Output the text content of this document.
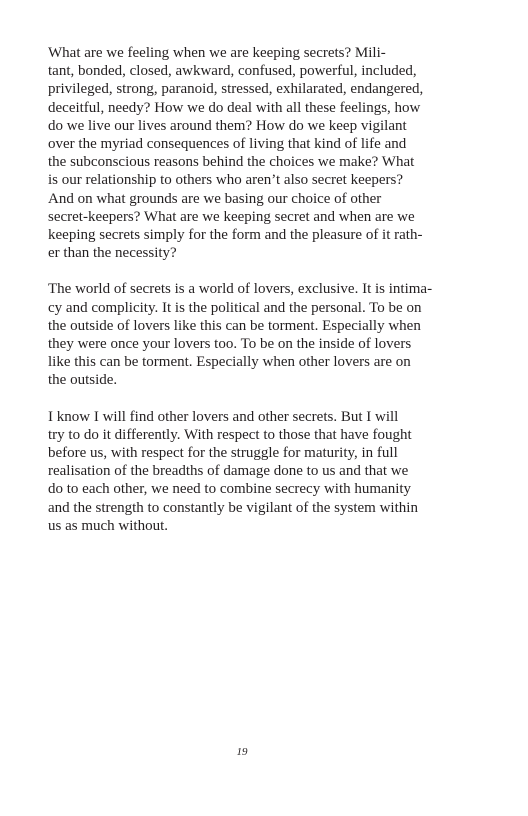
What are we feeling when we are keeping secrets? Mili-
tant, bonded, closed, awkward, confused, powerful, included,
privileged, strong, paranoid, stressed, exhilarated, endangered,
deceitful, needy? How we do deal with all these feelings, how
do we live our lives around them? How do we keep vigilant
over the myriad consequences of living that kind of life and
the subconscious reasons behind the choices we make? What
is our relationship to others who aren’t also secret keepers?
And on what grounds are we basing our choice of other
secret-keepers? What are we keeping secret and when are we
keeping secrets simply for the form and the pleasure of it rath-
er than the necessity?

The world of secrets is a world of lovers, exclusive. It is intima-
cy and complicity. It is the political and the personal. To be on
the outside of lovers like this can be torment. Especially when
they were once your lovers too. To be on the inside of lovers
like this can be torment. Especially when other lovers are on
the outside.

I know I will find other lovers and other secrets. But I will
try to do it differently. With respect to those that have fought
before us, with respect for the struggle for maturity, in full
realisation of the breadths of damage done to us and that we
do to each other, we need to combine secrecy with humanity
and the strength to constantly be vigilant of the system within
us as much without.

19
